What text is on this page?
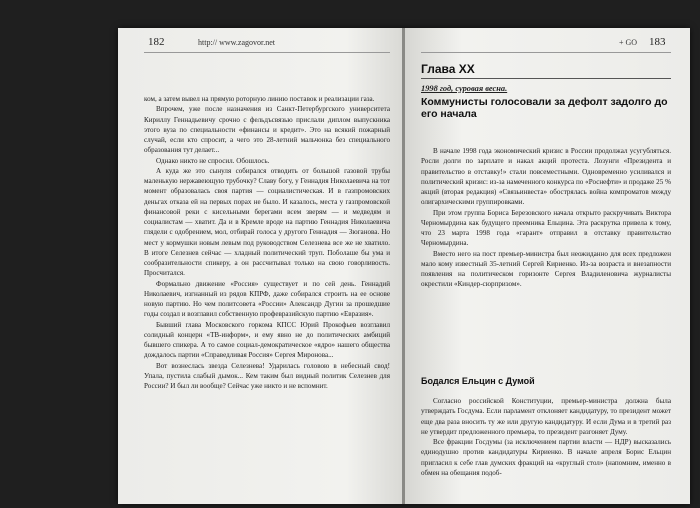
182	http:// www.zagovor.net

ком, а затем вывел на прямую роторную линию поставок и реализации газа.

Впрочем, уже после назначения из Санкт-Петербургского университета Кириллу Геннадьевичу срочно с фельдъсвязью прислали диплом выпускника этого вуза по специальности «финансы и кредит». Это на всякий пожарный случай, если кто спросит, а чего это 28-летний мальчонка без специального образования тут делает...

Однако никто не спросил. Обошлось.

А куда же это сынуля собирался отводить от большой газовой трубы маленькую нержавеющую трубочку? Славу богу, у Геннадия Николаевича на тот момент образовалась своя партия — социалистическая. И в газпромовских деньгах отказа ей на первых порах не было. И казалось, места у газпромовской финансовой реки с кисельными берегами всем зверям — и медведям и социалистам — хватит. Да и в Кремле вроде на партию Геннадия Николаевича глядели с одобрением, мол, отбирай голоса у другого Геннадия — Зюганова. Но мест у кормушки новым левым под руководством Селезнева все же не хватило. В итоге Селезнев сейчас — хладный политический труп. Поболаше бы ума и сообразительности спикеру, а он рассчитывал только на свою говорливость. Просчитался.

Формально движение «Россия» существует и по сей день. Геннадий Николаевич, изгнанный из рядов КПРФ, даже собирался строить на ее основе новую партию. Но чем политсовета «России» Александр Дугин за прошедшие годы создал и возглавил собственную профевразийскую партию «Евразия».

Бывший глава Московского горкома КПСС Юрий Прокофьев возглавил солидный концерн «ТВ-информ», и ему явно не до политических амбиций бывшего спикера. А то самое социал-демократическое «ядро» нашего общества дождалось партии «Справедливая Россия» Сергея Миронова...

Вот вознеслась звезда Селезнева! Ударилась головою в небесный свод! Упала, пустила слабый дымок... Кем таким был видный политик Селезнев для России? И был ли вообще? Сейчас уже никто и не вспомнит.

+ GO 183
Глава XX
1998 год, суровая весна.
Коммунисты голосовали за дефолт задолго до его начала

В начале 1998 года экономический кризис в России продолжал усугубляться. Росли долги по зарплате и накал акций протеста. Лозунги «Президента и правительство в отставку!» стали повсеместными. Одновременно усиливался и политический кризис: из-за намеченного конкурса по «Роснефти» и продаже 25 % акций (вторая редакция) «Связьинвеста» обострялась война компроматов между олигархическими группировками.

При этом группа Бориса Березовского начала открыто раскручивать Виктора Черномырдина как будущего преемника Ельцина. Эта раскрутка привела к тому, что 23 марта 1998 года «гарант» отправил в отставку правительство Черномырдина.

Вместо него на пост премьер-министра был неожиданно для всех предложен мало кому известный 35-летний Сергей Кириенко. Из-за возраста и внезапности появления на политическом горизонте Сергея Владиленовича журналисты окрестили «Киндер-сюрпризом».

Бодался Ельцин с Думой

Согласно российской Конституции, премьер-министра должна была утверждать Госдума. Если парламент отклоняет кандидатуру, то президент может еще два раза вносить ту же или другую кандидатуру. И если Дума и в третий раз не утвердит предложенного премьера, то президент разгоняет Думу.

Все фракции Госдумы (за исключением партии власти — НДР) высказались единодушно против кандидатуры Кириенко. В начале апреля Борис Ельцин пригласил к себе глав думских фракций на «круглый стол» (напомним, именно в обмен на обещания подоб-
